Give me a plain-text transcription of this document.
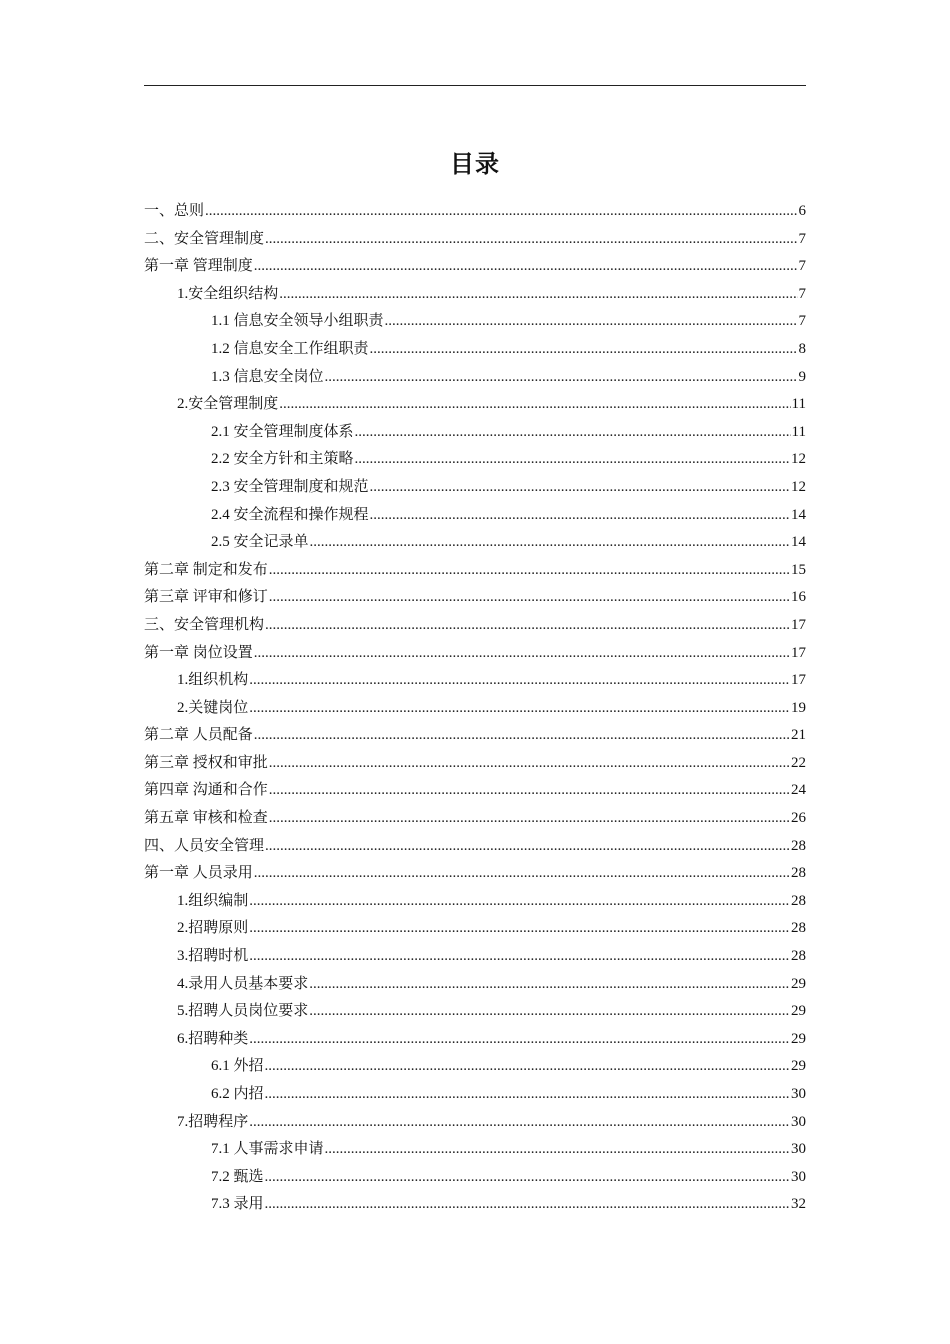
目录
一、总则 .....	6
二、安全管理制度 .....	7
第一章 管理制度 .....	7
1.安全组织结构 .....	7
1.1 信息安全领导小组职责 .....	7
1.2 信息安全工作组职责 .....	8
1.3 信息安全岗位 .....	9
2.安全管理制度 .....	11
2.1 安全管理制度体系 .....	11
2.2 安全方针和主策略 .....	12
2.3 安全管理制度和规范 .....	12
2.4 安全流程和操作规程 .....	14
2.5 安全记录单 .....	14
第二章 制定和发布 .....	15
第三章 评审和修订 .....	16
三、安全管理机构 .....	17
第一章 岗位设置 .....	17
1.组织机构 .....	17
2.关键岗位 .....	19
第二章 人员配备 .....	21
第三章 授权和审批 .....	22
第四章 沟通和合作 .....	24
第五章 审核和检查 .....	26
四、人员安全管理 .....	28
第一章 人员录用 .....	28
1.组织编制 .....	28
2.招聘原则 .....	28
3.招聘时机 .....	28
4.录用人员基本要求 .....	29
5.招聘人员岗位要求 .....	29
6.招聘种类 .....	29
6.1 外招 .....	29
6.2 内招 .....	30
7.招聘程序 .....	30
7.1 人事需求申请 .....	30
7.2 甄选 .....	30
7.3 录用 .....	32
